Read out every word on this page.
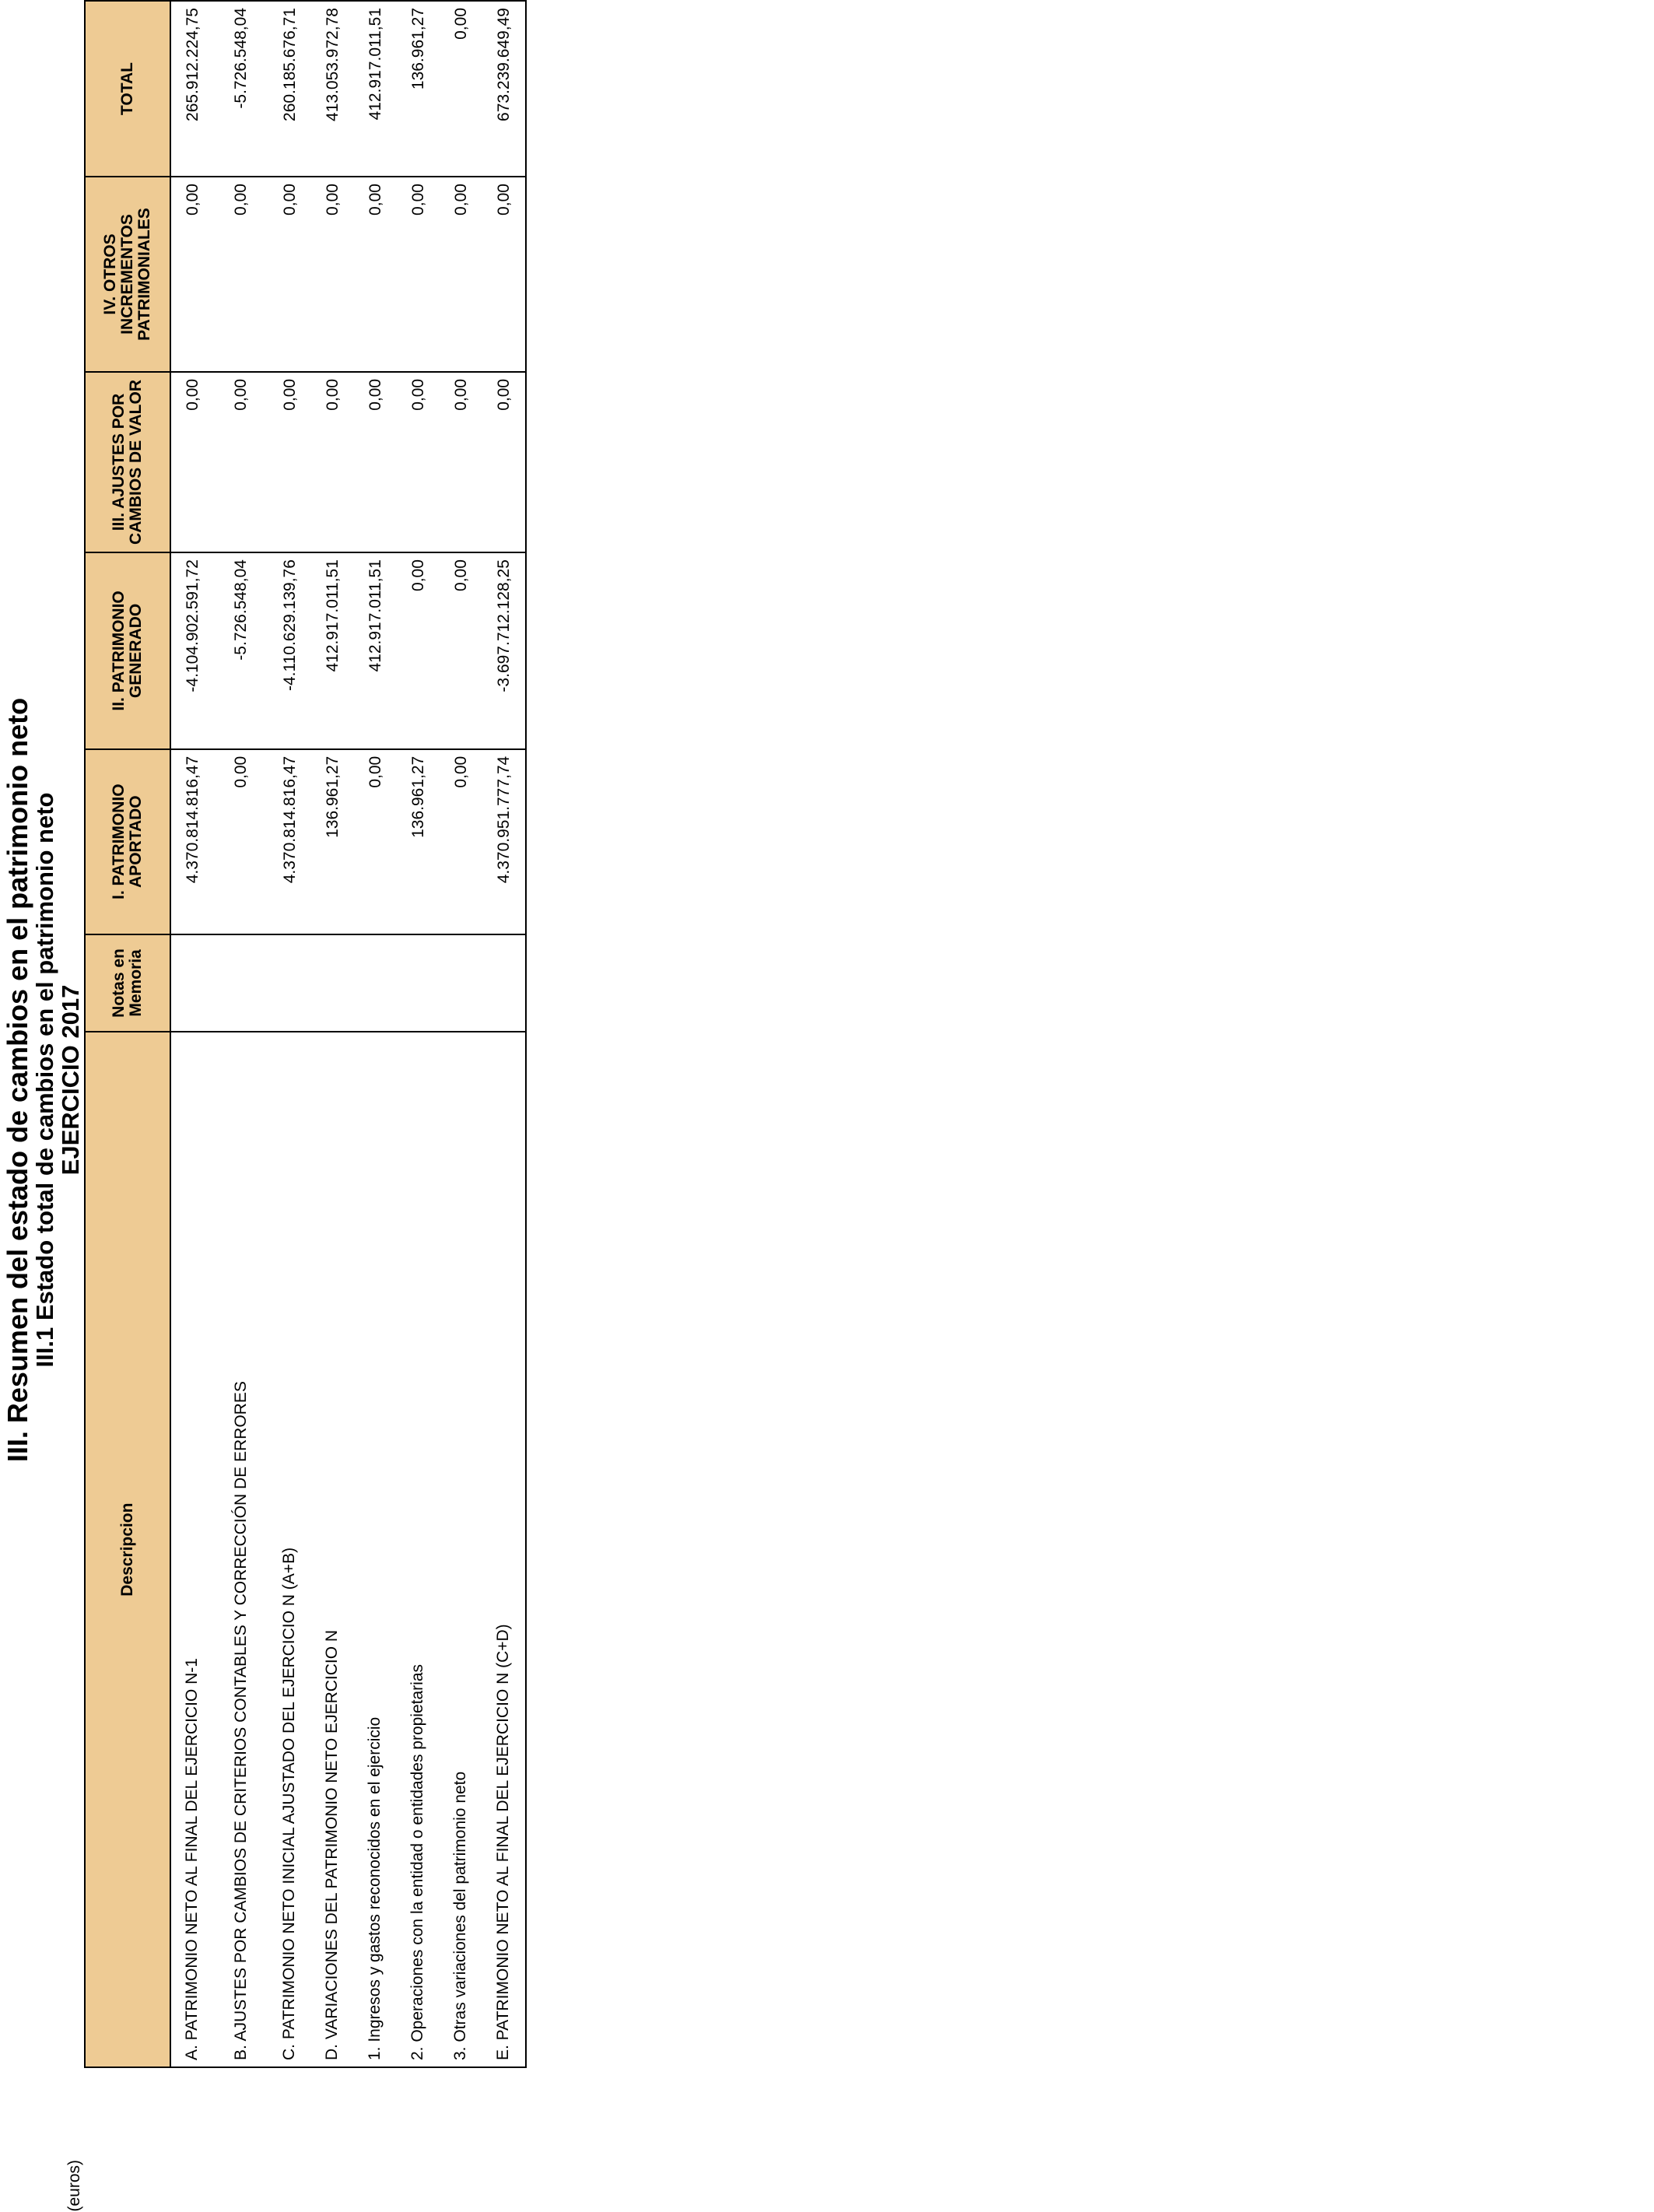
III. Resumen del estado de cambios en el patrimonio neto
III.1 Estado total de cambios en el patrimonio neto
EJERCICIO 2017
(euros)
Descripcion	Notas en Memoria	I. PATRIMONIO APORTADO	II. PATRIMONIO GENERADO	III. AJUSTES POR CAMBIOS DE VALOR	IV. OTROS INCREMENTOS PATRIMONIALES	TOTAL
A. PATRIMONIO NETO AL FINAL DEL EJERCICIO N-1		4.370.814.816,47	-4.104.902.591,72	0,00	0,00	265.912.224,75
B. AJUSTES POR CAMBIOS DE CRITERIOS CONTABLES Y CORRECCIÓN DE ERRORES		0,00	-5.726.548,04	0,00	0,00	-5.726.548,04
C. PATRIMONIO NETO INICIAL AJUSTADO DEL EJERCICIO N (A+B)		4.370.814.816,47	-4.110.629.139,76	0,00	0,00	260.185.676,71
D. VARIACIONES DEL PATRIMONIO NETO EJERCICIO N		136.961,27	412.917.011,51	0,00	0,00	413.053.972,78
1. Ingresos y gastos reconocidos en el ejercicio		0,00	412.917.011,51	0,00	0,00	412.917.011,51
2. Operaciones con la entidad o entidades propietarias		136.961,27	0,00	0,00	0,00	136.961,27
3. Otras variaciones del patrimonio neto		0,00	0,00	0,00	0,00	0,00
E. PATRIMONIO NETO AL FINAL DEL EJERCICIO N (C+D)		4.370.951.777,74	-3.697.712.128,25	0,00	0,00	673.239.649,49
